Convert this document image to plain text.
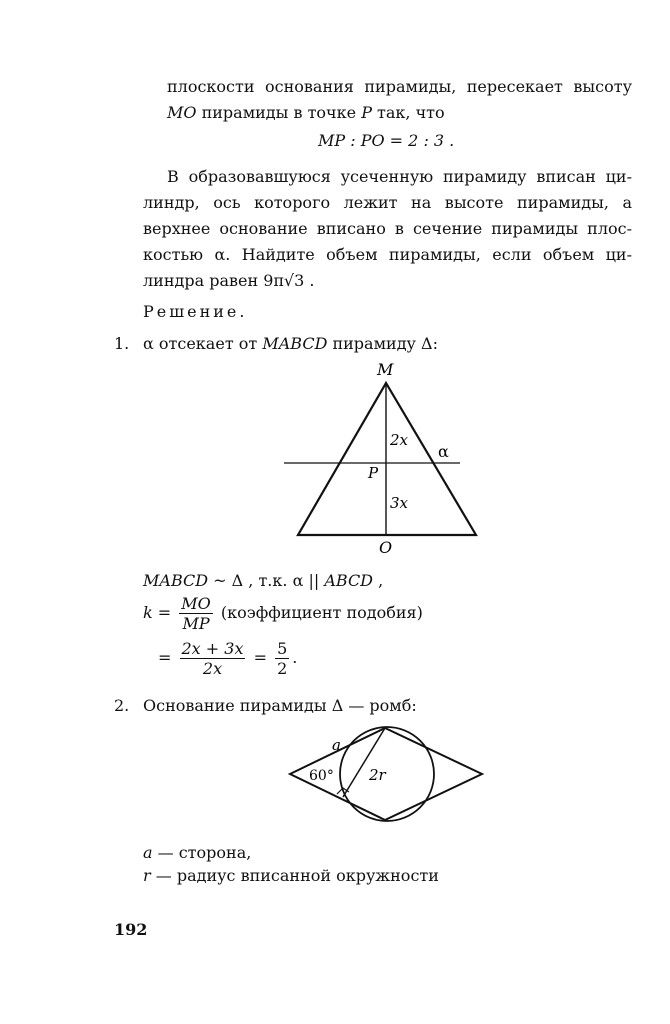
плоскости основания пирамиды, пересекает высоту
MO пирамиды в точке P так, что
MP : PO = 2 : 3 .
В образовавшуюся усеченную пирамиду вписан ци-
линдр, ось которого лежит на высоте пирамиды, а
верхнее основание вписано в сечение пирамиды плос-
костью α. Найдите объем пирамиды, если объем ци-
линдра равен 9π√3 .
Решение.
1. α отсекает от MABCD пирамиду Δ:
M
2x
α
P
3x
O
MABCD ~ Δ , т.к. α || ABCD ,
$k = \frac{MO}{MP}$ (коэффициент подобия)
= $\frac{2x + 3x}{2x} = \frac{5}{2}$ .
2. Основание пирамиды Δ — ромб:
a
60° 2r
a — сторона,
r — радиус вписанной окружности
192
